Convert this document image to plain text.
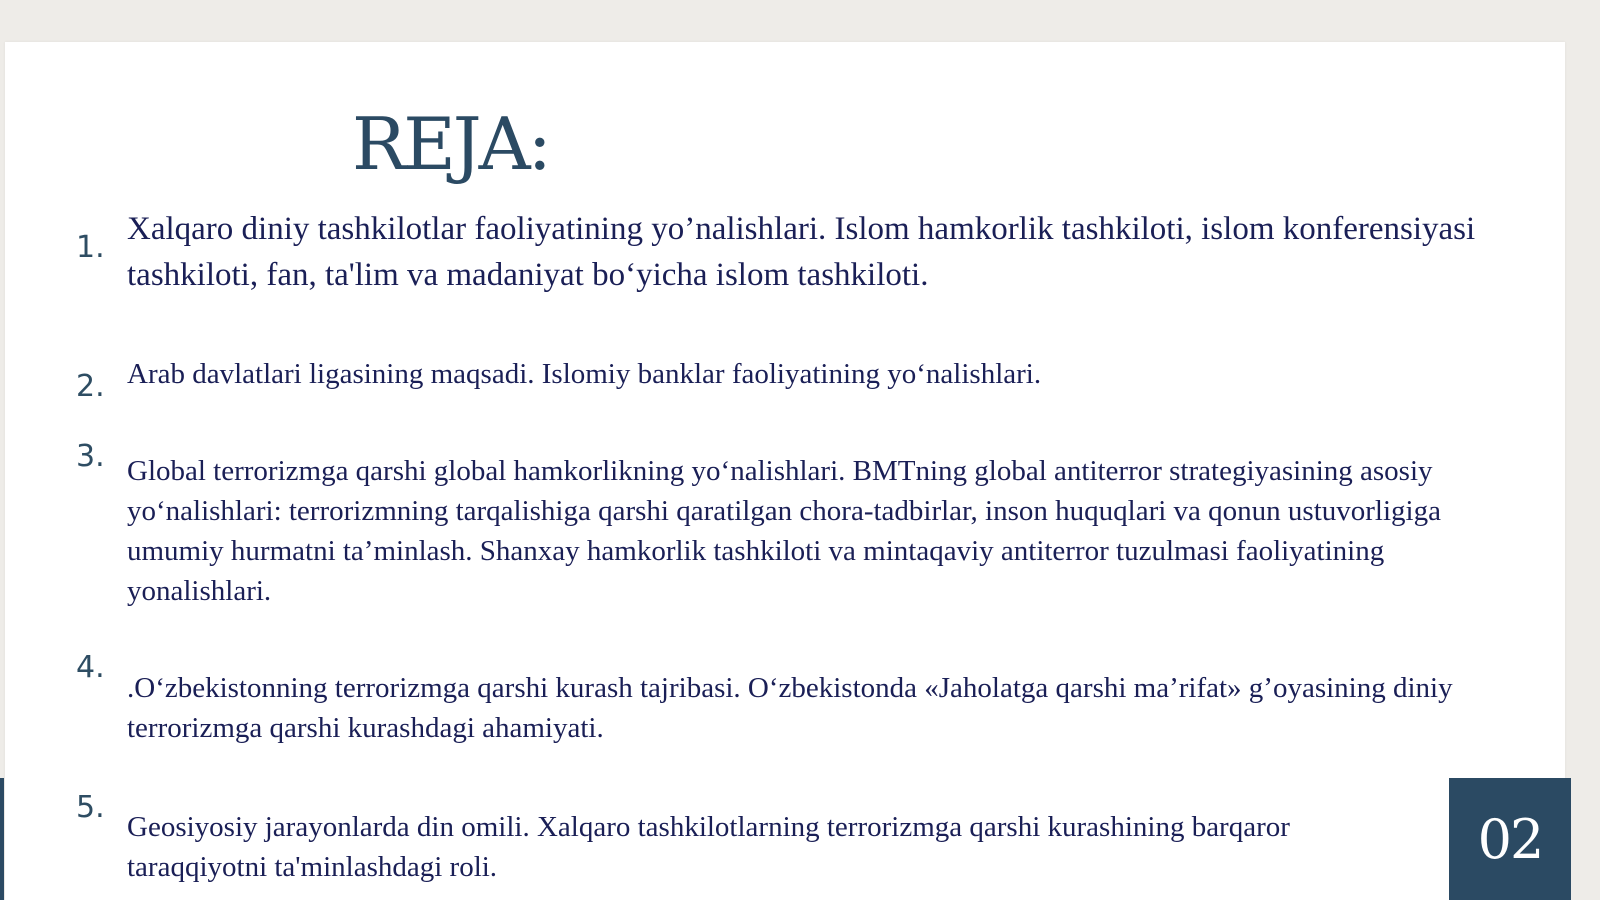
REJA:
1.

Xalqaro diniy tashkilotlar faoliyatining yo’nalishlari. Islom hamkorlik tashkiloti, islom konferensiyasi tashkiloti, fan, ta'lim va madaniyat bo‘yicha islom tashkiloti.

2. Arab davlatlari ligasining maqsadi. Islomiy banklar faoliyatining yo‘nalishlari.

3. Global terrorizmga qarshi global hamkorlikning yo‘nalishlari. BMTning global antiterror strategiyasining asosiy yo‘nalishlari: terrorizmning tarqalishiga qarshi qaratilgan chora-tadbirlar, inson huquqlari va qonun ustuvorligiga umumiy hurmatni ta’minlash. Shanxay hamkorlik tashkiloti va mintaqaviy antiterror tuzulmasi faoliyatining yonalishlari.

4.

.O‘zbekistonning terrorizmga qarshi kurash tajribasi. O‘zbekistonda «Jaholatga qarshi ma’rifat» g’oyasining diniy terrorizmga qarshi kurashdagi ahamiyati.

5.

Geosiyosiy jarayonlarda din omili. Xalqaro tashkilotlarning terrorizmga qarshi kurashining barqaror taraqqiyotni ta'minlashdagi roli.	02
